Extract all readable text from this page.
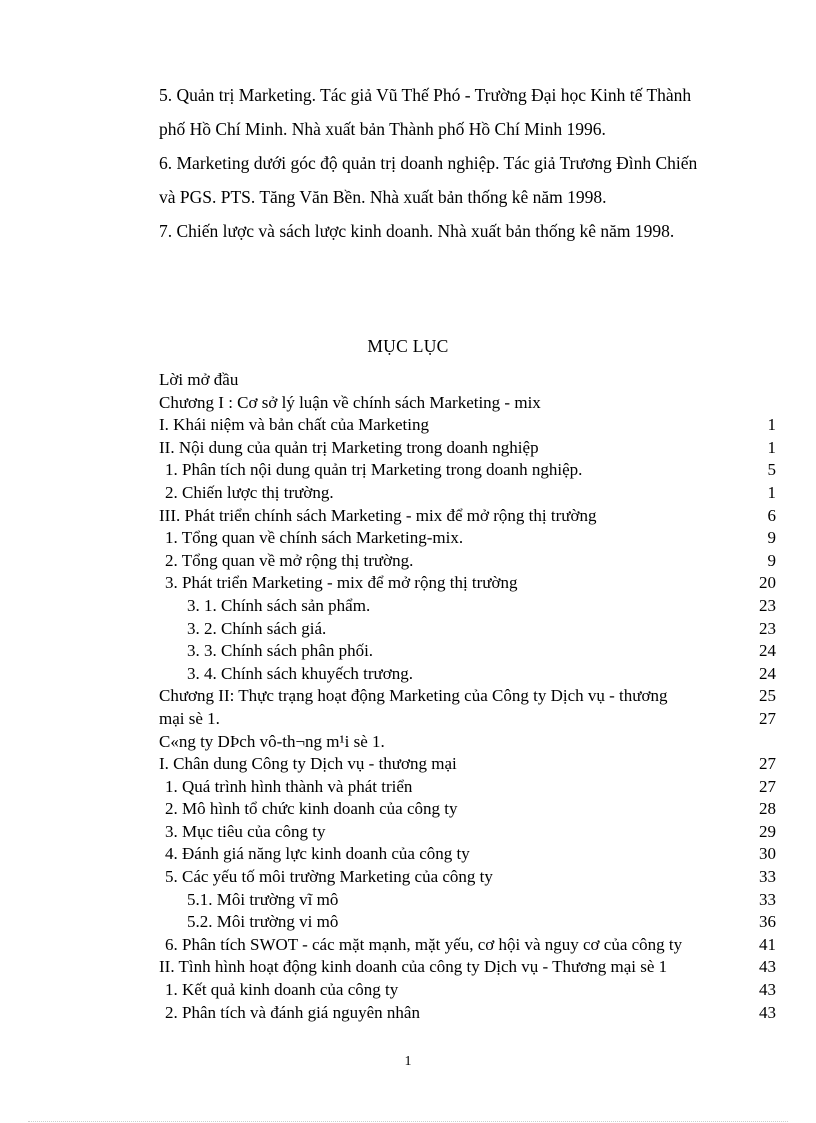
5. Quản trị Marketing. Tác giả Vũ Thế Phó - Trường Đại học Kinh tế Thành

phố Hồ Chí Minh. Nhà xuất bản Thành phố Hồ Chí Minh 1996.

6. Marketing dưới góc độ quản trị doanh nghiệp. Tác giả Trương Đình Chiến

và PGS. PTS. Tăng Văn Bền. Nhà xuất bản thống kê năm 1998.

7. Chiến lược và sách lược kinh doanh. Nhà xuất bản thống kê năm 1998.

MỤC LỤC
Lời mở đầu
Chương I : Cơ sở lý luận về chính sách Marketing - mix
I. Khái niệm và bản chất của Marketing	1
II. Nội dung của quản trị Marketing trong doanh nghiệp	1
1. Phân tích nội dung quản trị Marketing trong doanh nghiệp.	5
2. Chiến lược thị trường.	1
III. Phát triển chính sách Marketing - mix để mở rộng thị trường	6
1. Tổng quan về chính sách Marketing-mix.	9
2. Tổng quan về mở rộng thị trường.	9
3. Phát triển Marketing - mix để mở rộng thị trường	20
3. 1. Chính sách sản phẩm.	23
3. 2. Chính sách giá.	23
3. 3. Chính sách phân phối.	24
3. 4. Chính sách khuyếch trương.	24
Chương II: Thực trạng hoạt động Marketing của Công ty Dịch vụ - thương	25
mại sè 1.	27
C«ng ty DÞch vô-th¬ng m¹i sè 1.
I. Chân dung Công ty Dịch vụ - thương mại	27
1. Quá trình hình thành và phát triển	27
2. Mô hình tổ chức kinh doanh của công ty	28
3. Mục tiêu của công ty	29
4. Đánh giá năng lực kinh doanh của công ty	30
5. Các yếu tố môi trường Marketing của công ty	33
5.1. Môi trường vĩ mô	33
5.2. Môi trường vi mô	36
6. Phân tích SWOT - các mặt mạnh, mặt yếu, cơ hội và nguy cơ của công ty	41
II. Tình hình hoạt động kinh doanh của công ty Dịch vụ - Thương mại sè 1	43
1. Kết quả kinh doanh của công ty	43
2. Phân tích và đánh giá nguyên nhân	43
1
